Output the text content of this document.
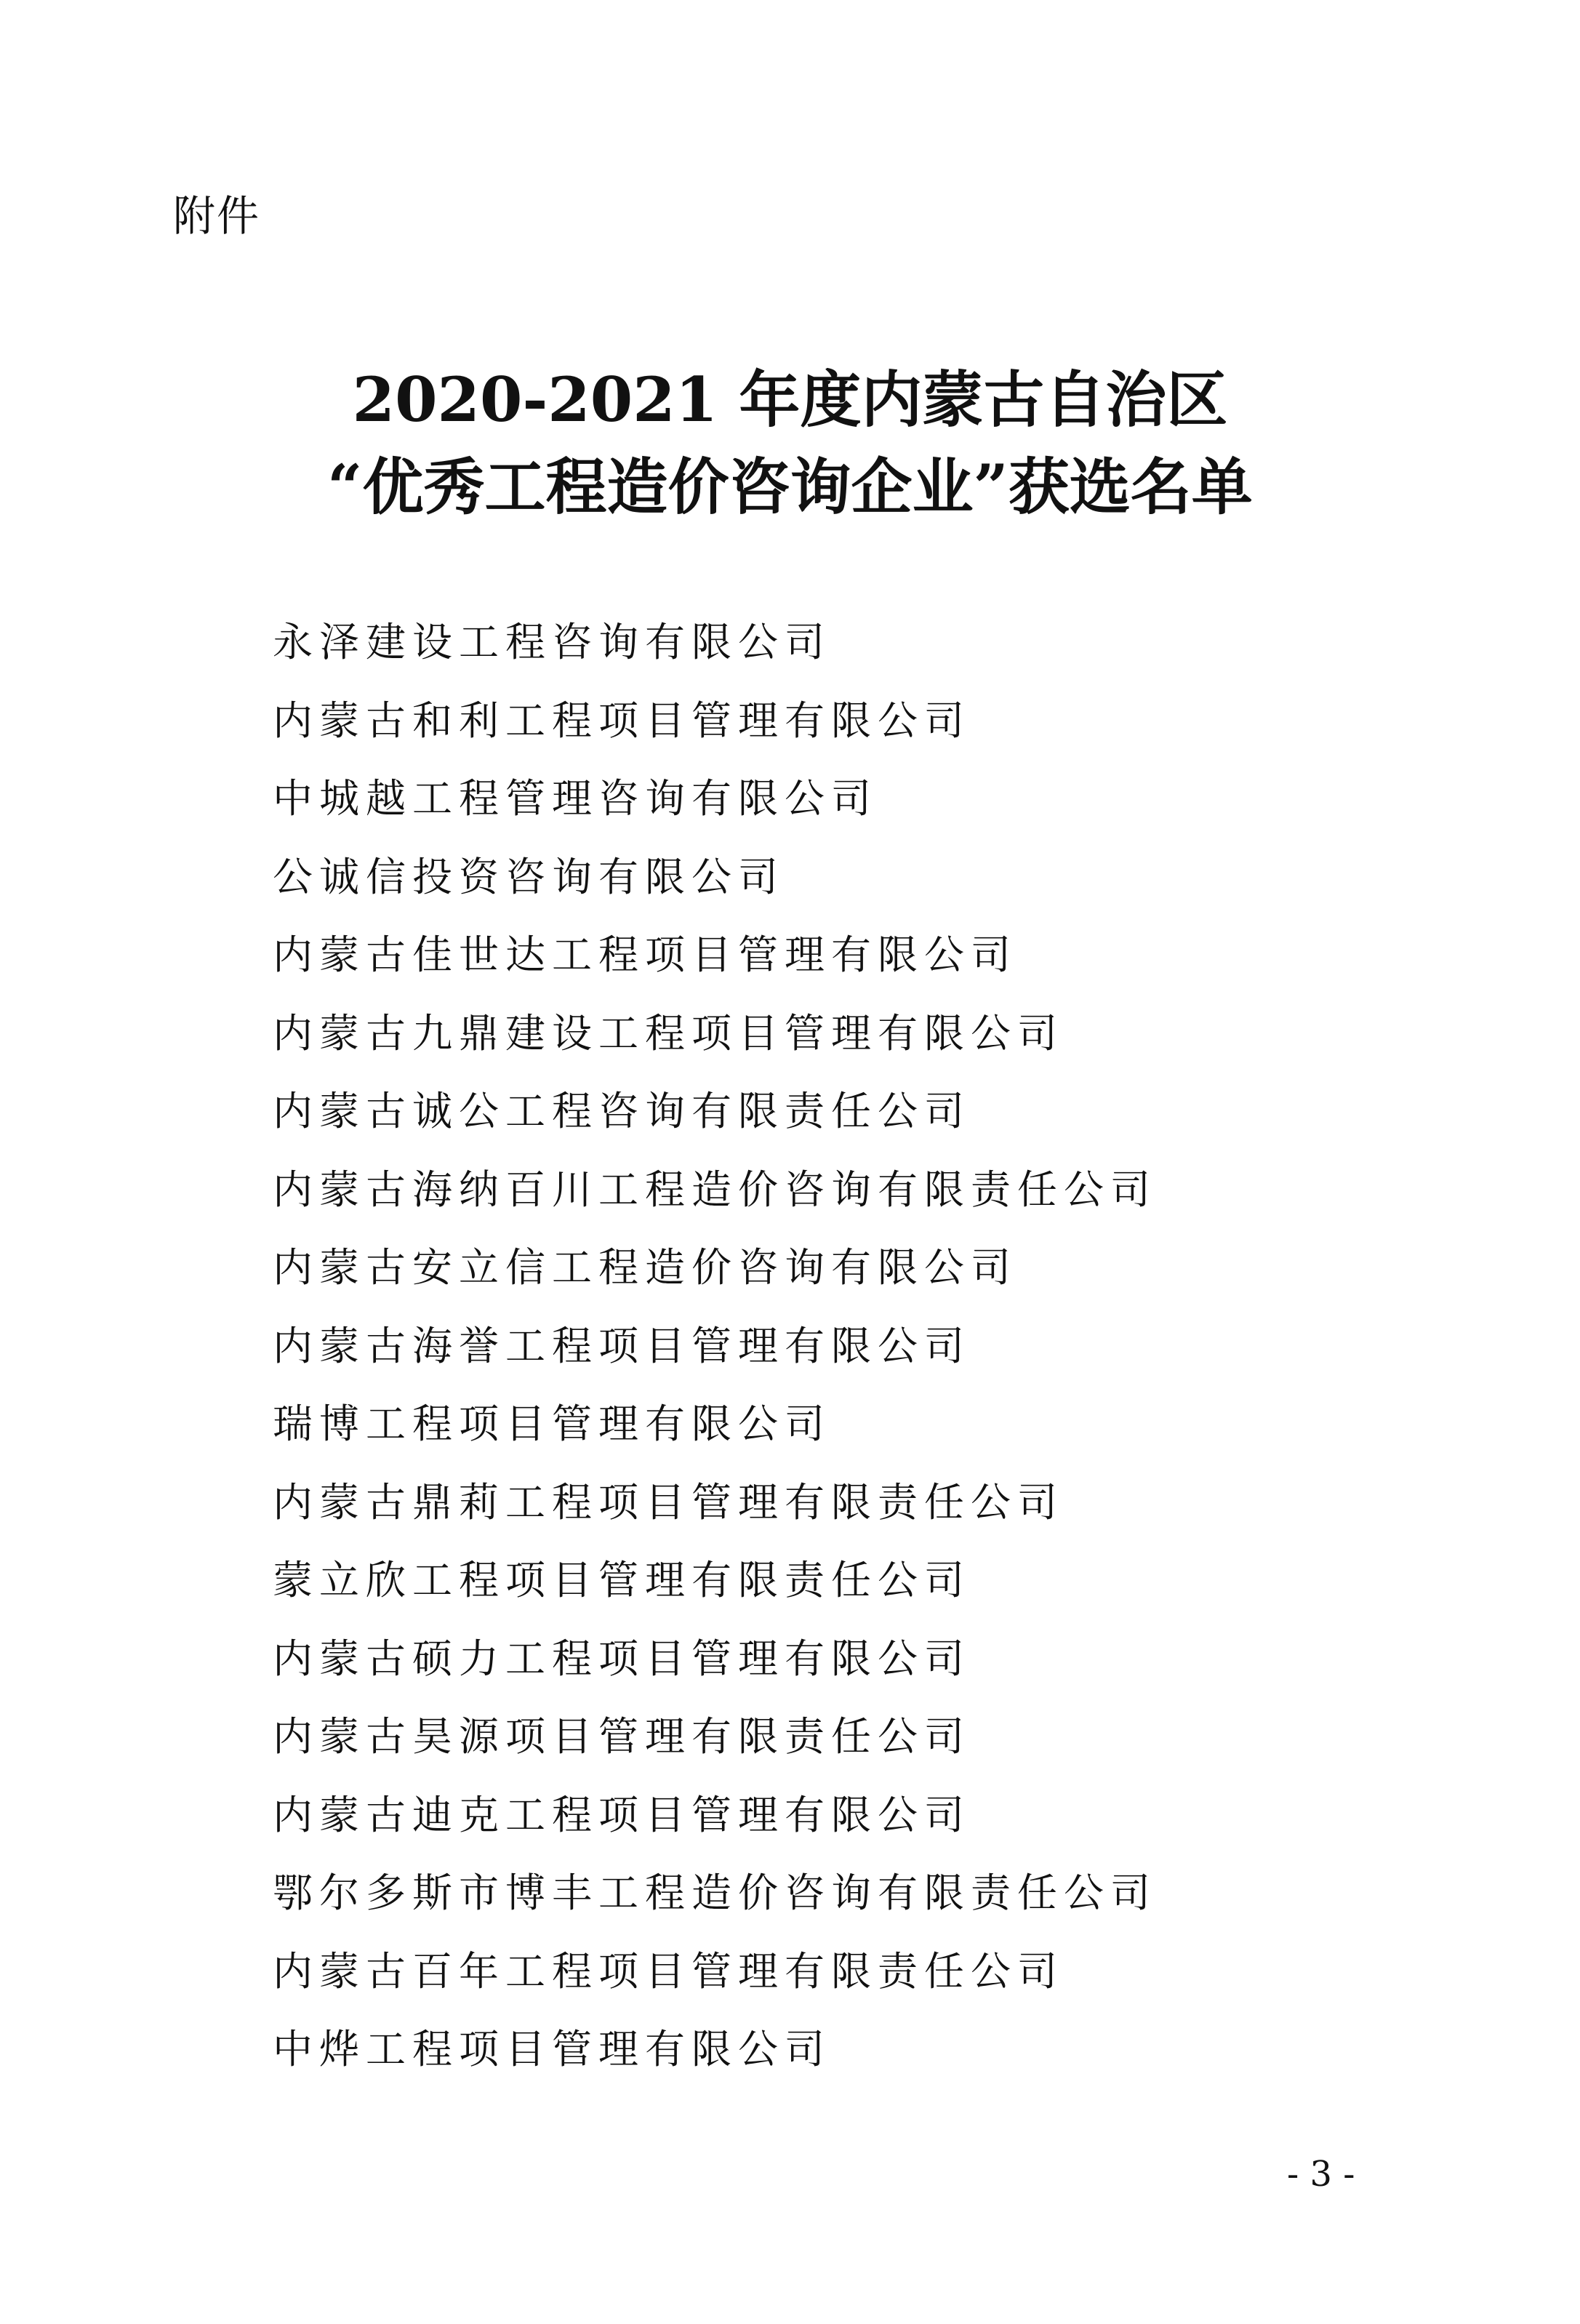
附件
2020-2021 年度内蒙古自治区
“优秀工程造价咨询企业”获选名单
永泽建设工程咨询有限公司
内蒙古和利工程项目管理有限公司
中城越工程管理咨询有限公司
公诚信投资咨询有限公司
内蒙古佳世达工程项目管理有限公司
内蒙古九鼎建设工程项目管理有限公司
内蒙古诚公工程咨询有限责任公司
内蒙古海纳百川工程造价咨询有限责任公司
内蒙古安立信工程造价咨询有限公司
内蒙古海誉工程项目管理有限公司
瑞博工程项目管理有限公司
内蒙古鼎莉工程项目管理有限责任公司
蒙立欣工程项目管理有限责任公司
内蒙古硕力工程项目管理有限公司
内蒙古昊源项目管理有限责任公司
内蒙古迪克工程项目管理有限公司
鄂尔多斯市博丰工程造价咨询有限责任公司
内蒙古百年工程项目管理有限责任公司
中烨工程项目管理有限公司
- 3 -
